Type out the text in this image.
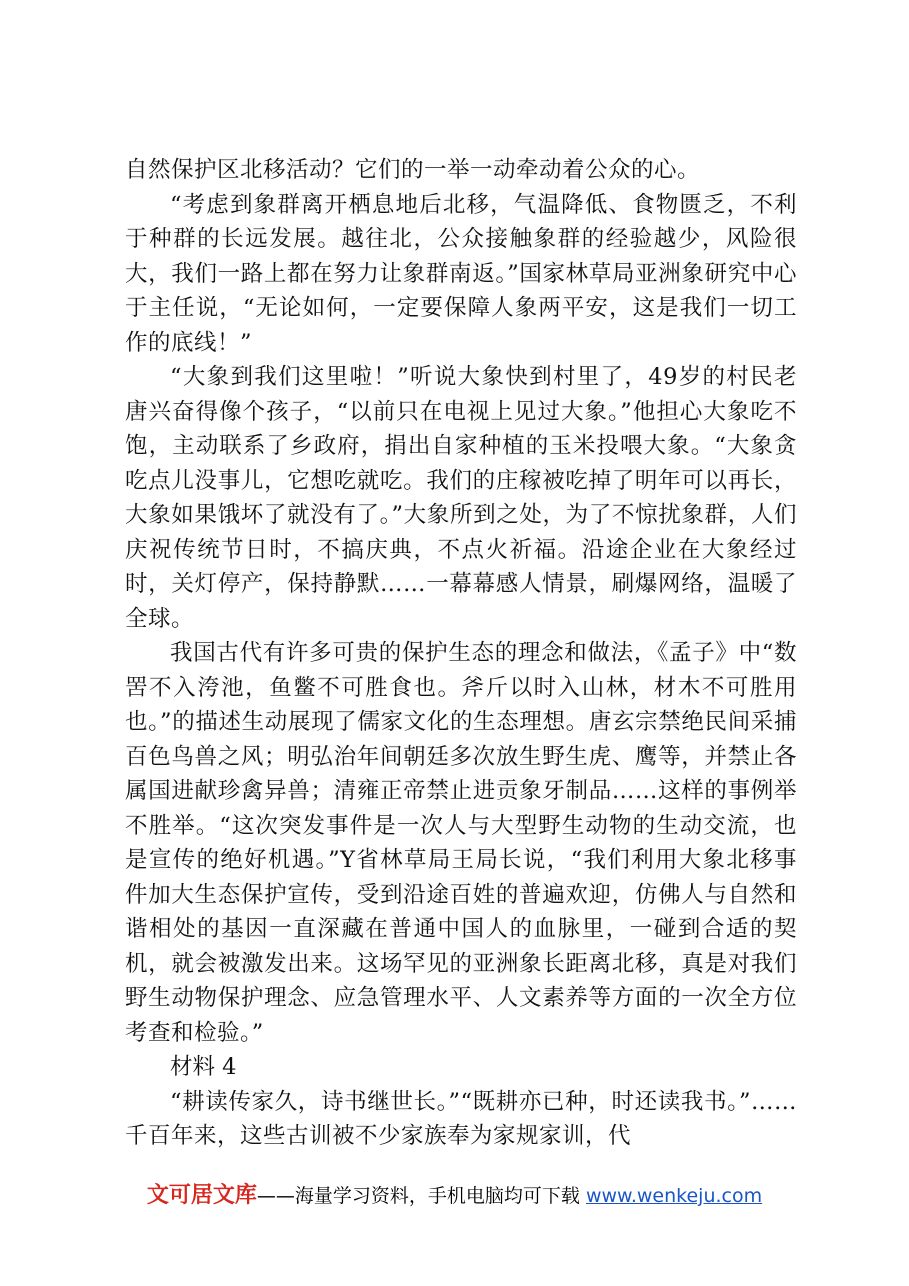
自然保护区北移活动？它们的一举一动牵动着公众的心。

“考虑到象群离开栖息地后北移，气温降低、食物匮乏，不利于种群的长远发展。越往北，公众接触象群的经验越少，风险很大，我们一路上都在努力让象群南返。”国家林草局亚洲象研究中心于主任说，“无论如何，一定要保障人象两平安，这是我们一切工作的底线！”

“大象到我们这里啦！”听说大象快到村里了，49岁的村民老唐兴奋得像个孩子，“以前只在电视上见过大象。”他担心大象吃不饱，主动联系了乡政府，捐出自家种植的玉米投喂大象。“大象贪吃点儿没事儿，它想吃就吃。我们的庄稼被吃掉了明年可以再长，大象如果饿坏了就没有了。”大象所到之处，为了不惊扰象群，人们庆祝传统节日时，不搞庆典，不点火祈福。沿途企业在大象经过时，关灯停产，保持静默……一幕幕感人情景，刷爆网络，温暖了全球。

我国古代有许多可贵的保护生态的理念和做法，《孟子》中“数罟不入洿池，鱼鳖不可胜食也。斧斤以时入山林，材木不可胜用也。”的描述生动展现了儒家文化的生态理想。唐玄宗禁绝民间采捕百色鸟兽之风；明弘治年间朝廷多次放生野生虎、鹰等，并禁止各属国进献珍禽异兽；清雍正帝禁止进贡象牙制品……这样的事例举不胜举。“这次突发事件是一次人与大型野生动物的生动交流，也是宣传的绝好机遇。”Y省林草局王局长说，“我们利用大象北移事件加大生态保护宣传，受到沿途百姓的普遍欢迎，仿佛人与自然和谐相处的基因一直深藏在普通中国人的血脉里，一碰到合适的契机，就会被激发出来。这场罕见的亚洲象长距离北移，真是对我们野生动物保护理念、应急管理水平、人文素养等方面的一次全方位考查和检验。”

材料 4

“耕读传家久，诗书继世长。”“既耕亦已种，时还读我书。”……千百年来，这些古训被不少家族奉为家规家训，代

文可居文库——海量学习资料，手机电脑均可下载 www.wenkeju.com
